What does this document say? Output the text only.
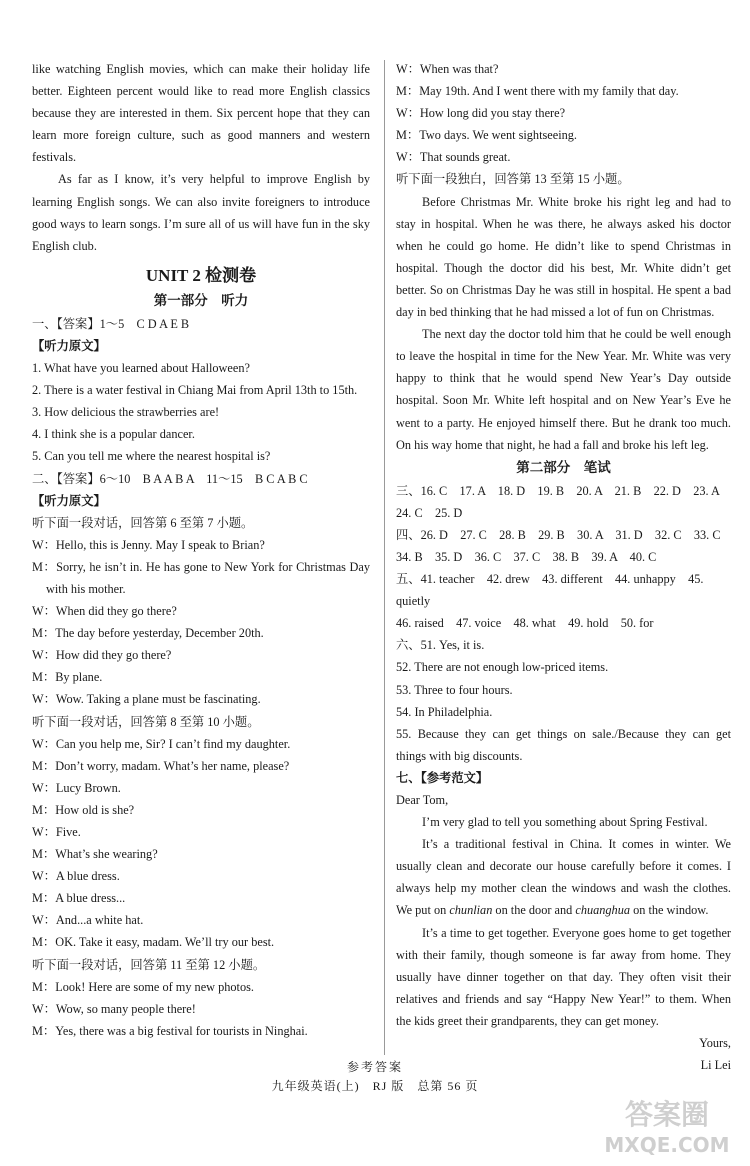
like watching English movies, which can make their holiday life better. Eighteen percent would like to read more English classics because they are interested in them. Six percent hope that they can learn more foreign culture, such as good manners and western festivals.

As far as I know, it’s very helpful to improve English by learning English songs. We can also invite foreigners to introduce good ways to learn songs. I’m sure all of us will have fun in the sky English club.

UNIT 2 检测卷

第一部分　听力

一、【答案】1～5　C D A E B

【听力原文】

1. What have you learned about Halloween?

2. There is a water festival in Chiang Mai from April 13th to 15th.

3. How delicious the strawberries are!

4. I think she is a popular dancer.

5. Can you tell me where the nearest hospital is?

二、【答案】6～10　B A A B A　11～15　B C A B C

【听力原文】

听下面一段对话，回答第 6 至第 7 小题。

W：Hello, this is Jenny. May I speak to Brian?

M：Sorry, he isn’t in. He has gone to New York for Christmas Day with his mother.

W：When did they go there?

M：The day before yesterday, December 20th.

W：How did they go there?

M：By plane.

W：Wow. Taking a plane must be fascinating.

听下面一段对话，回答第 8 至第 10 小题。

W：Can you help me, Sir? I can’t find my daughter.

M：Don’t worry, madam. What’s her name, please?

W：Lucy Brown.

M：How old is she?

W：Five.

M：What’s she wearing?

W：A blue dress.

M：A blue dress...

W：And...a white hat.

M：OK. Take it easy, madam. We’ll try our best.

听下面一段对话，回答第 11 至第 12 小题。

M：Look! Here are some of my new photos.

W：Wow, so many people there!

M：Yes, there was a big festival for tourists in Ninghai.

W：When was that?

M：May 19th. And I went there with my family that day.

W：How long did you stay there?

M：Two days. We went sightseeing.

W：That sounds great.

听下面一段独白，回答第 13 至第 15 小题。

Before Christmas Mr. White broke his right leg and had to stay in hospital. When he was there, he always asked his doctor when he could go home. He didn’t like to spend Christmas in hospital. Though the doctor did his best, Mr. White didn’t get better. So on Christmas Day he was still in hospital. He spent a bad day in bed thinking that he had missed a lot of fun on Christmas.

The next day the doctor told him that he could be well enough to leave the hospital in time for the New Year. Mr. White was very happy to think that he would spend New Year’s Day outside hospital. Soon Mr. White left hospital and on New Year’s Eve he went to a party. He enjoyed himself there. But he drank too much. On his way home that night, he had a fall and broke his left leg.

第二部分　笔试

三、16. C　17. A　18. D　19. B　20. A　21. B　22. D　23. A

24. C　25. D

四、26. D　27. C　28. B　29. B　30. A　31. D　32. C　33. C

34. B　35. D　36. C　37. C　38. B　39. A　40. C

五、41. teacher　42. drew　43. different　44. unhappy　45. quietly

46. raised　47. voice　48. what　49. hold　50. for

六、51. Yes, it is.

52. There are not enough low-priced items.

53. Three to four hours.

54. In Philadelphia.

55. Because they can get things on sale./Because they can get things with big discounts.

七、【参考范文】

Dear Tom,

I’m very glad to tell you something about Spring Festival.

It’s a traditional festival in China. It comes in winter. We usually clean and decorate our house carefully before it comes. I always help my mother clean the windows and wash the clothes. We put on chunlian on the door and chuanghua on the window.

It’s a time to get together. Everyone goes home to get together with their family, though someone is far away from home. They usually have dinner together on that day. They often visit their relatives and friends and say “Happy New Year!” to them. When the kids greet their grandparents, they can get money.

Yours,

Li Lei

参考答案
九年级英语(上)　RJ 版　总第 56 页
答案圈
MXQE.COM
